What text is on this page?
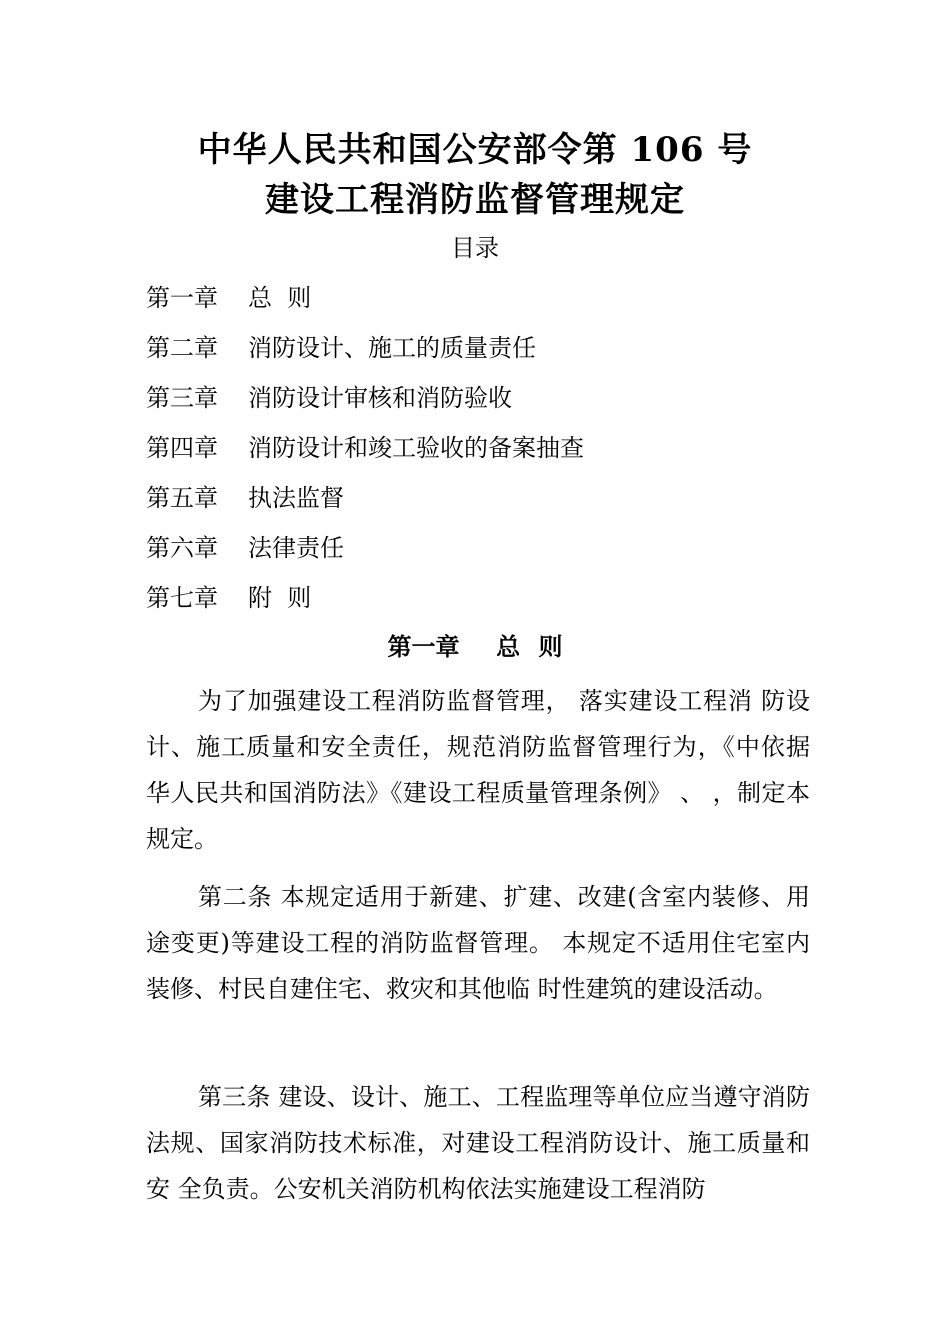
中华人民共和国公安部令第 106 号
建设工程消防监督管理规定
目录
第一章 总  则
第二章 消防设计、施工的质量责任
第三章 消防设计审核和消防验收
第四章 消防设计和竣工验收的备案抽查
第五章 执法监督
第六章 法律责任
第七章 附  则
第一章  总 则

为了加强建设工程消防监督管理， 落实建设工程消 防设计、施工质量和安全责任，规范消防监督管理行为，《中依据 华人民共和国消防法》《建设工程质量管理条例》 、 ，制定本规定。

第二条 本规定适用于新建、扩建、改建(含室内装修、用途变更)等建设工程的消防监督管理。 本规定不适用住宅室内装修、村民自建住宅、救灾和其他临 时性建筑的建设活动。

第三条 建设、设计、施工、工程监理等单位应当遵守消防 法规、国家消防技术标准，对建设工程消防设计、施工质量和安 全负责。公安机关消防机构依法实施建设工程消防
